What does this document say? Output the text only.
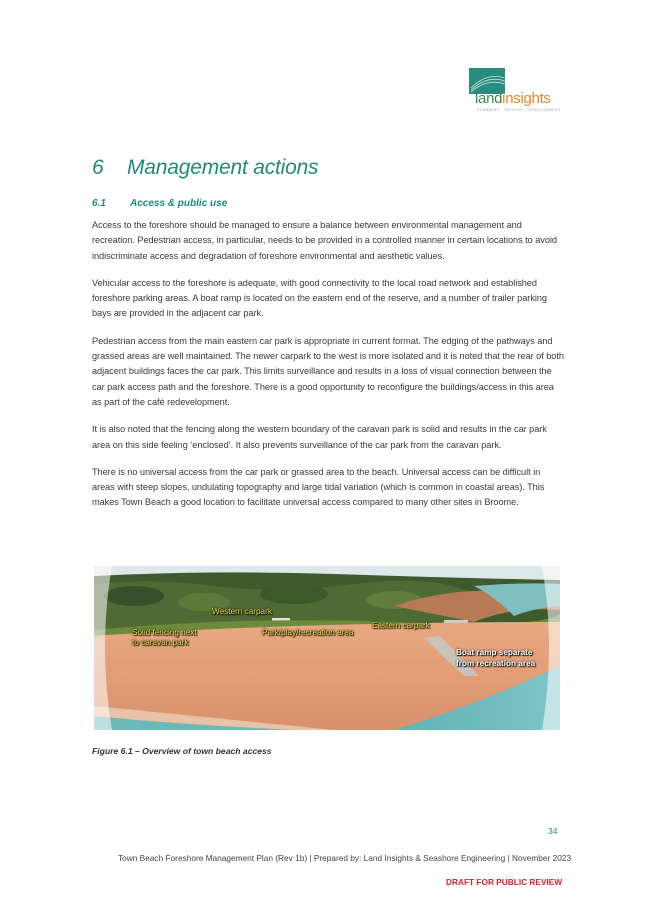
landinsights
PLANNING · DESIGN · DEVELOPMENT
6 Management actions
6.1 Access & public use

Access to the foreshore should be managed to ensure a balance between environmental management and recreation. Pedestrian access, in particular, needs to be provided in a controlled manner in certain locations to avoid indiscriminate access and degradation of foreshore environmental and aesthetic values.

Vehicular access to the foreshore is adequate, with good connectivity to the local road network and established foreshore parking areas. A boat ramp is located on the eastern end of the reserve, and a number of trailer parking bays are provided in the adjacent car park.

Pedestrian access from the main eastern car park is appropriate in current format. The edging of the pathways and grassed areas are well maintained. The newer carpark to the west is more isolated and it is noted that the rear of both adjacent buildings faces the car park. This limits surveillance and results in a loss of visual connection between the car park access path and the foreshore. There is a good opportunity to reconfigure the buildings/access in this area as part of the café redevelopment.

It is also noted that the fencing along the western boundary of the caravan park is solid and results in the car park area on this side feeling ‘enclosed’. It also prevents surveillance of the car park from the caravan park.

There is no universal access from the car park or grassed area to the beach. Universal access can be difficult in areas with steep slopes, undulating topography and large tidal variation (which is common in coastal areas). This makes Town Beach a good location to facilitate universal access compared to many other sites in Broome.

Western carpark
Solid fencing next
to caravan park
Park/play/recreation area
Eastern carpark
Boat ramp separate
from recreation area

Figure 6.1 – Overview of town beach access

34
Town Beach Foreshore Management Plan (Rev 1b) | Prepared by: Land Insights & Seashore Engineering | November 2023
DRAFT FOR PUBLIC REVIEW
